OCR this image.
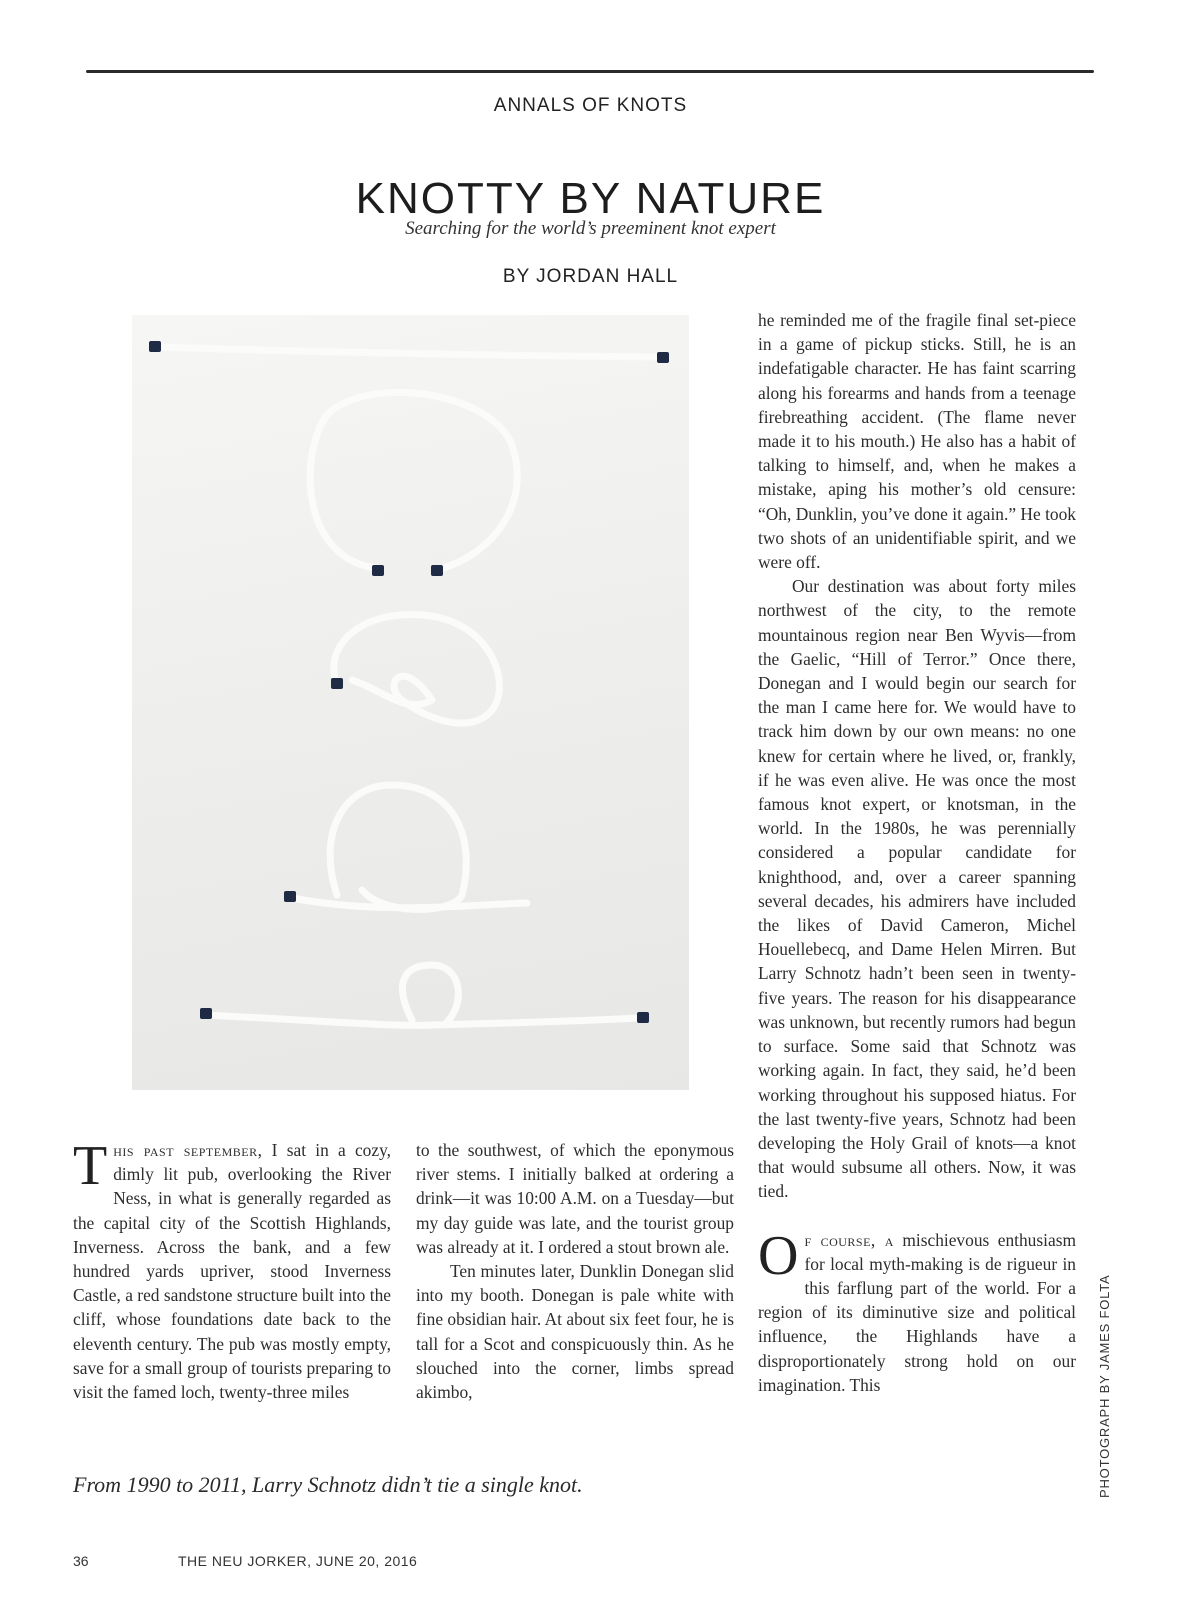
ANNALS OF KNOTS
KNOTTY BY NATURE
Searching for the world’s preeminent knot expert
BY JORDAN HALL

This past september, I sat in a cozy, dimly lit pub, overlooking the River Ness, in what is generally regarded as the capital city of the Scottish Highlands, Inverness. Across the bank, and a few hundred yards upriver, stood Inverness Castle, a red sandstone structure built into the cliff, whose foundations date back to the eleventh century. The pub was mostly empty, save for a small group of tourists preparing to visit the famed loch, twenty-three miles

to the southwest, of which the eponymous river stems. I initially balked at ordering a drink—it was 10:00 A.M. on a Tuesday—but my day guide was late, and the tourist group was already at it. I ordered a stout brown ale.

Ten minutes later, Dunklin Donegan slid into my booth. Donegan is pale white with fine obsidian hair. At about six feet four, he is tall for a Scot and conspicuously thin. As he slouched into the corner, limbs spread akimbo,

he reminded me of the fragile final set-piece in a game of pickup sticks. Still, he is an indefatigable character. He has faint scarring along his forearms and hands from a teenage firebreathing accident. (The flame never made it to his mouth.) He also has a habit of talking to himself, and, when he makes a mistake, aping his mother’s old censure: “Oh, Dunklin, you’ve done it again.” He took two shots of an unidentifiable spirit, and we were off.

Our destination was about forty miles northwest of the city, to the remote mountainous region near Ben Wyvis—from the Gaelic, “Hill of Terror.” Once there, Donegan and I would begin our search for the man I came here for. We would have to track him down by our own means: no one knew for certain where he lived, or, frankly, if he was even alive. He was once the most famous knot expert, or knotsman, in the world. In the 1980s, he was perennially considered a popular candidate for knighthood, and, over a career spanning several decades, his admirers have included the likes of David Cameron, Michel Houellebecq, and Dame Helen Mirren. But Larry Schnotz hadn’t been seen in twenty-five years. The reason for his disappearance was unknown, but recently rumors had begun to surface. Some said that Schnotz was working again. In fact, they said, he’d been working throughout his supposed hiatus. For the last twenty-five years, Schnotz had been developing the Holy Grail of knots—a knot that would subsume all others. Now, it was tied.

Of course, a mischievous enthusiasm for local myth-making is de rigueur in this farflung part of the world. For a region of its diminutive size and political influence, the Highlands have a disproportionately strong hold on our imagination. This

From 1990 to 2011, Larry Schnotz didn’t tie a single knot.	PHOTOGRAPH BY JAMES FOLTA
36	THE NEU JORKER, JUNE 20, 2016
